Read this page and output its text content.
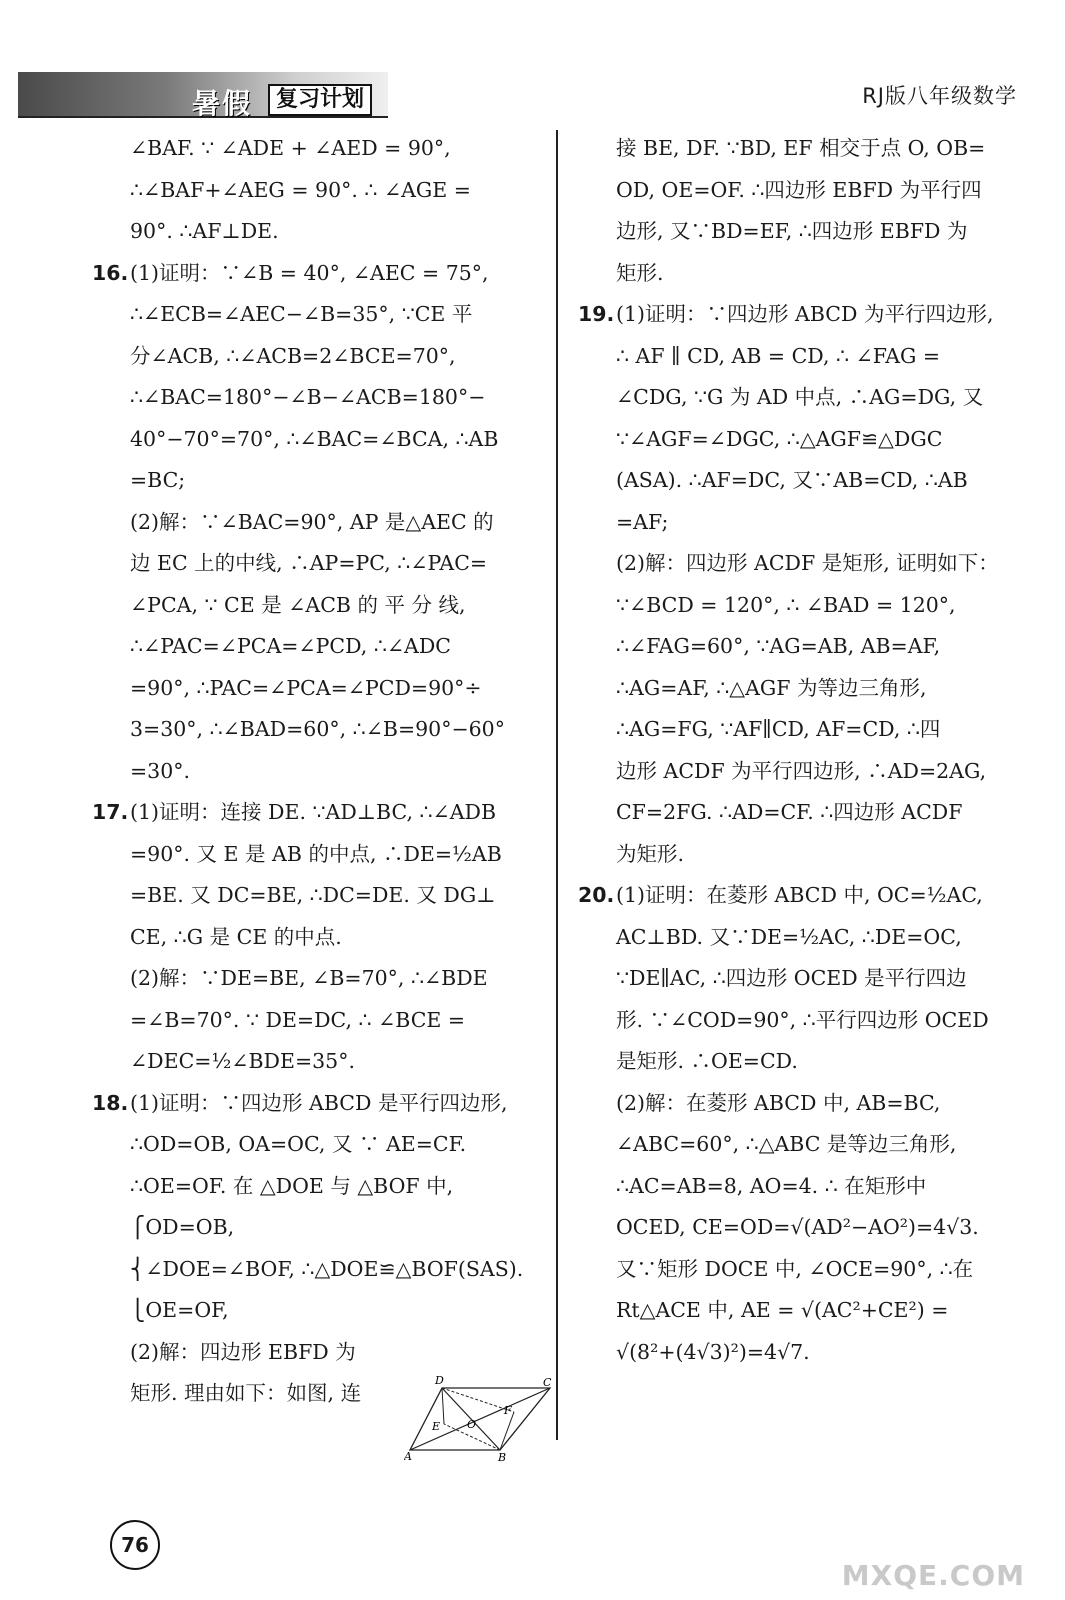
暑假	复习计划	RJ版八年级数学
∠BAF. ∵ ∠ADE + ∠AED = 90°,
∴∠BAF+∠AEG = 90°. ∴ ∠AGE =
90°. ∴AF⊥DE.
16.(1)证明：∵∠B = 40°, ∠AEC = 75°,
∴∠ECB=∠AEC−∠B=35°, ∵CE 平
分∠ACB, ∴∠ACB=2∠BCE=70°,
∴∠BAC=180°−∠B−∠ACB=180°−
40°−70°=70°, ∴∠BAC=∠BCA, ∴AB
=BC;
(2)解：∵∠BAC=90°, AP 是△AEC 的
边 EC 上的中线, ∴AP=PC, ∴∠PAC=
∠PCA, ∵ CE 是 ∠ACB 的 平 分 线,
∴∠PAC=∠PCA=∠PCD, ∴∠ADC
=90°, ∴PAC=∠PCA=∠PCD=90°÷
3=30°, ∴∠BAD=60°, ∴∠B=90°−60°
=30°.
17.(1)证明：连接 DE. ∵AD⊥BC, ∴∠ADB
=90°. 又 E 是 AB 的中点, ∴DE=½AB
=BE. 又 DC=BE, ∴DC=DE. 又 DG⊥
CE, ∴G 是 CE 的中点.
(2)解：∵DE=BE, ∠B=70°, ∴∠BDE
=∠B=70°. ∵ DE=DC, ∴ ∠BCE =
∠DEC=½∠BDE=35°.
18.(1)证明：∵四边形 ABCD 是平行四边形,
∴OD=OB, OA=OC, 又 ∵ AE=CF.
∴OE=OF. 在 △DOE 与 △BOF 中,
⎧OD=OB,
⎨∠DOE=∠BOF, ∴△DOE≌△BOF(SAS).
⎩OE=OF,
(2)解：四边形 EBFD 为
矩形. 理由如下：如图, 连
接 BE, DF. ∵BD, EF 相交于点 O, OB=
OD, OE=OF. ∴四边形 EBFD 为平行四
边形, 又∵BD=EF, ∴四边形 EBFD 为
矩形.
19.(1)证明：∵四边形 ABCD 为平行四边形,
∴ AF ∥ CD, AB = CD, ∴ ∠FAG =
∠CDG, ∵G 为 AD 中点, ∴AG=DG, 又
∵∠AGF=∠DGC, ∴△AGF≌△DGC
(ASA). ∴AF=DC, 又∵AB=CD, ∴AB
=AF;
(2)解：四边形 ACDF 是矩形, 证明如下：
∵∠BCD = 120°, ∴ ∠BAD = 120°,
∴∠FAG=60°, ∵AG=AB, AB=AF,
∴AG=AF, ∴△AGF 为等边三角形,
∴AG=FG, ∵AF∥CD, AF=CD, ∴四
边形 ACDF 为平行四边形, ∴AD=2AG,
CF=2FG. ∴AD=CF. ∴四边形 ACDF
为矩形.
20.(1)证明：在菱形 ABCD 中, OC=½AC,
AC⊥BD. 又∵DE=½AC, ∴DE=OC,
∵DE∥AC, ∴四边形 OCED 是平行四边
形. ∵∠COD=90°, ∴平行四边形 OCED
是矩形. ∴OE=CD.
(2)解：在菱形 ABCD 中, AB=BC,
∠ABC=60°, ∴△ABC 是等边三角形,
∴AC=AB=8, AO=4. ∴ 在矩形中
OCED, CE=OD=√(AD²−AO²)=4√3.
又∵矩形 DOCE 中, ∠OCE=90°, ∴在
Rt△ACE 中, AE = √(AC²+CE²) =
√(8²+(4√3)²)=4√7.
A	B
C
D
E
F
O
76
MXQE.COM
